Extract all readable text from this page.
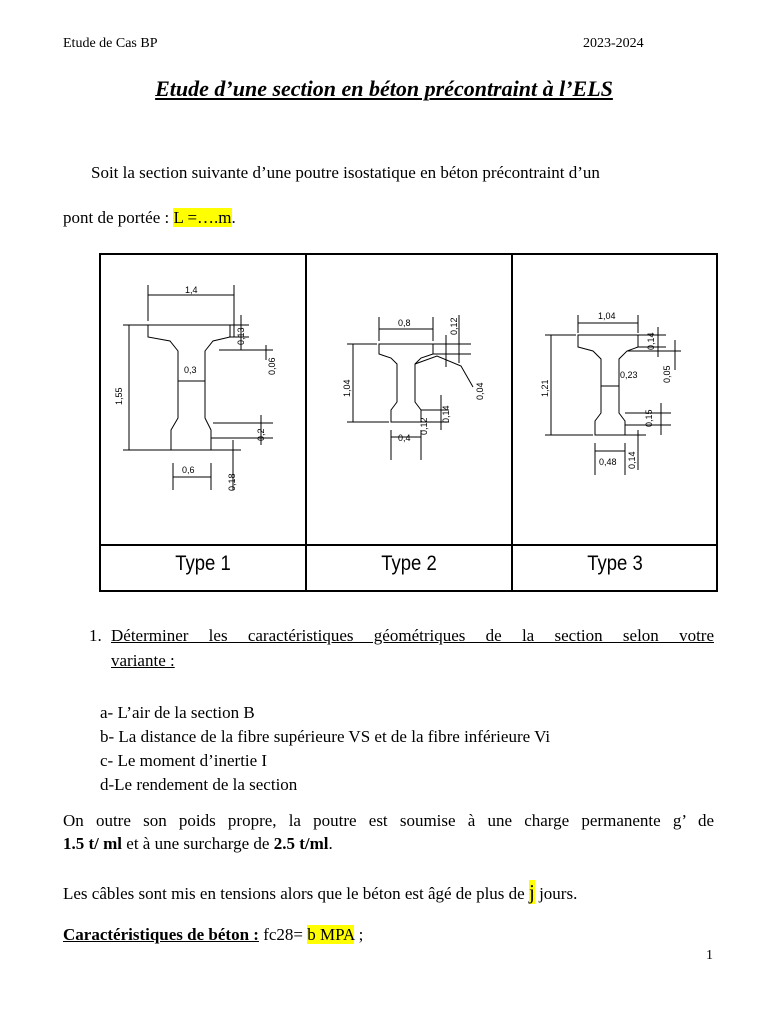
Etude de Cas BP	2023-2024
Etude d’une section en béton précontraint à l’ELS
Soit la section suivante d’une poutre isostatique en béton précontraint d’un
pont de portée : L =….m.
1,4
0,3	0,06
1,55
0,2
0,6
0,18
0,13
0,8	0,12
1,04	0,04
0,4
0,12
0,14
1,04
0,14
0,23	0,05
1,21
0,15
0,48 0,14
Type 1	Type 2	Type 3
1. Déterminer les caractéristiques géométriques de la section selon votre
variante :
a- L’air de la section B
b- La distance de la fibre supérieure VS et de la fibre inférieure Vi
c- Le moment d’inertie I
d-Le rendement de la section
On outre son poids propre, la poutre est soumise à une charge permanente g’ de
1.5 t/ ml et à une surcharge de 2.5 t/ml.
Les câbles sont mis en tensions alors que le béton est âgé de plus de j jours.
Caractéristiques de béton : fc28= b MPA ;
1
